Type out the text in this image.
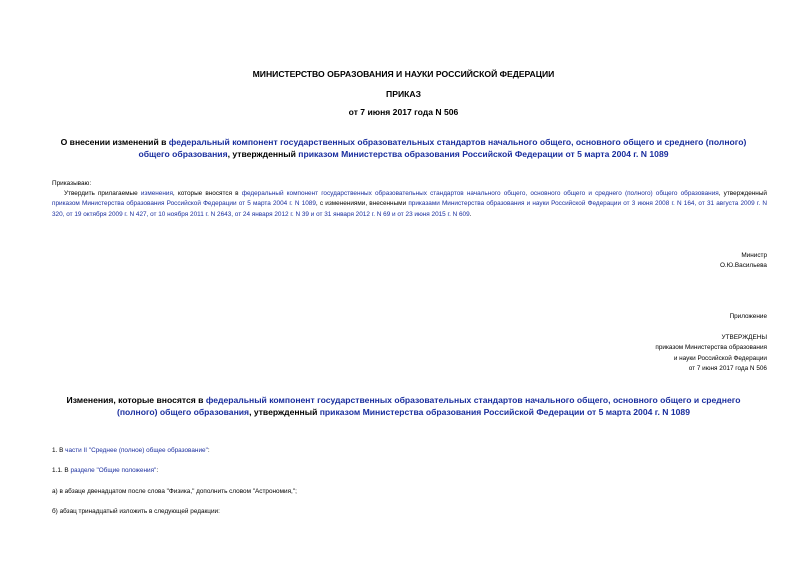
МИНИСТЕРСТВО ОБРАЗОВАНИЯ И НАУКИ РОССИЙСКОЙ ФЕДЕРАЦИИ
ПРИКАЗ
от 7 июня 2017 года N 506
О внесении изменений в федеральный компонент государственных образовательных стандартов начального общего, основного общего и среднего (полного) общего образования, утвержденный приказом Министерства образования Российской Федерации от 5 марта 2004 г. N 1089
Приказываю:
Утвердить прилагаемые изменения, которые вносятся в федеральный компонент государственных образовательных стандартов начального общего, основного общего и среднего (полного) общего образования, утвержденный приказом Министерства образования Российской Федерации от 5 марта 2004 г. N 1089, с изменениями, внесенными приказами Министерства образования и науки Российской Федерации от 3 июня 2008 г. N 164, от 31 августа 2009 г. N 320, от 19 октября 2009 г. N 427, от 10 ноября 2011 г. N 2643, от 24 января 2012 г. N 39 и от 31 января 2012 г. N 69 и от 23 июня 2015 г. N 609.
Министр
О.Ю.Васильева
Приложение
УТВЕРЖДЕНЫ
приказом Министерства образования
и науки Российской Федерации
от 7 июня 2017 года N 506
Изменения, которые вносятся в федеральный компонент государственных образовательных стандартов начального общего, основного общего и среднего (полного) общего образования, утвержденный приказом Министерства образования Российской Федерации от 5 марта 2004 г. N 1089
1. В части II "Среднее (полное) общее образование":
1.1. В разделе "Общие положения":
а) в абзаце двенадцатом после слова "Физика," дополнить словом "Астрономия,";
б) абзац тринадцатый изложить в следующей редакции:
